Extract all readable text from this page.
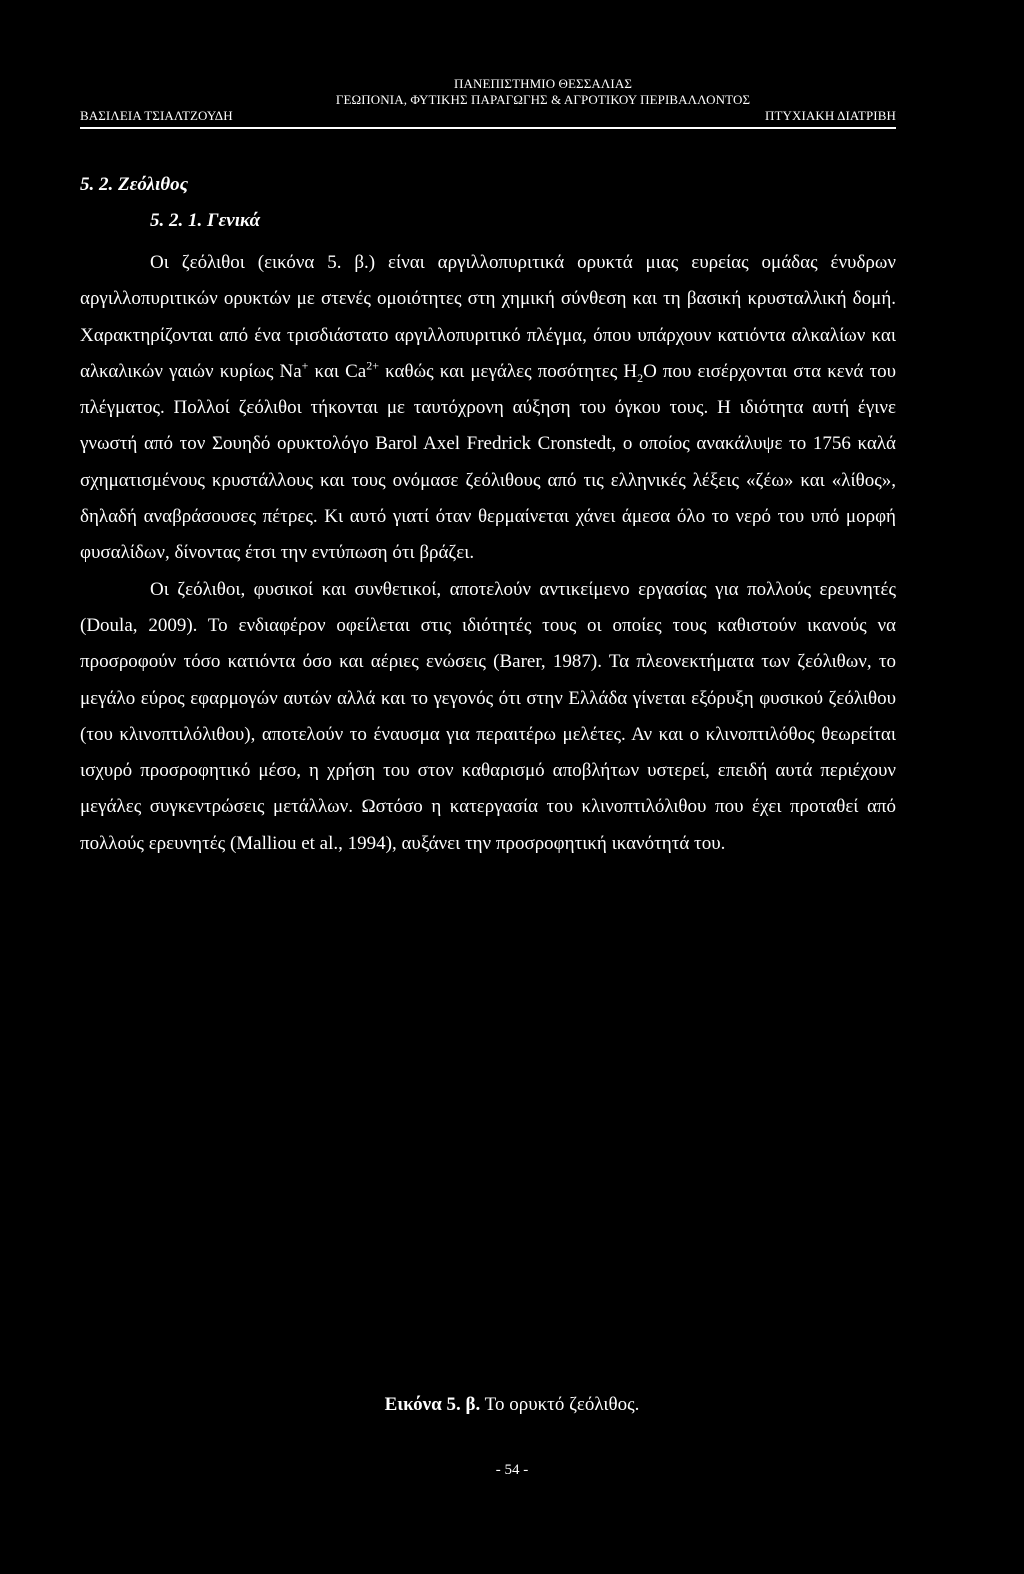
ΠΑΝΕΠΙΣΤΗΜΙΟ ΘΕΣΣΑΛΙΑΣ
ΓΕΩΠΟΝΙΑ, ΦΥΤΙΚΗΣ ΠΑΡΑΓΩΓΗΣ & ΑΓΡΟΤΙΚΟΥ ΠΕΡΙΒΑΛΛΟΝΤΟΣ
ΒΑΣΙΛΕΙΑ ΤΣΙΑΛΤΖΟΥΔΗ	ΠΤΥΧΙΑΚΗ ΔΙΑΤΡΙΒΗ
5. 2. Ζεόλιθος
5. 2. 1. Γενικά

Οι ζεόλιθοι (εικόνα 5. β.) είναι αργιλλοπυριτικά ορυκτά μιας ευρείας ομάδας ένυδρων αργιλλοπυριτικών ορυκτών με στενές ομοιότητες στη χημική σύνθεση και τη βασική κρυσταλλική δομή. Χαρακτηρίζονται από ένα τρισδιάστατο αργιλλοπυριτικό πλέγμα, όπου υπάρχουν κατιόντα αλκαλίων και αλκαλικών γαιών κυρίως Na+ και $Ca^{2+}$ καθώς και μεγάλες ποσότητες $H_2O$ που εισέρχονται στα κενά του πλέγματος. Πολλοί ζεόλιθοι τήκονται με ταυτόχρονη αύξηση του όγκου τους. Η ιδιότητα αυτή έγινε γνωστή από τον Σουηδό ορυκτολόγο Barol Axel Fredrick Cronstedt, ο οποίος ανακάλυψε το 1756 καλά σχηματισμένους κρυστάλλους και τους ονόμασε ζεόλιθους από τις ελληνικές λέξεις «ζέω» και «λίθος», δηλαδή αναβράσουσες πέτρες. Κι αυτό γιατί όταν θερμαίνεται χάνει άμεσα όλο το νερό του υπό μορφή φυσαλίδων, δίνοντας έτσι την εντύπωση ότι βράζει.

Οι ζεόλιθοι, φυσικοί και συνθετικοί, αποτελούν αντικείμενο εργασίας για πολλούς ερευνητές (Doula, 2009). Το ενδιαφέρον οφείλεται στις ιδιότητές τους οι οποίες τους καθιστούν ικανούς να προσροφούν τόσο κατιόντα όσο και αέριες ενώσεις (Barer, 1987). Τα πλεονεκτήματα των ζεόλιθων, το μεγάλο εύρος εφαρμογών αυτών αλλά και το γεγονός ότι στην Ελλάδα γίνεται εξόρυξη φυσικού ζεόλιθου (του κλινοπτιλόλιθου), αποτελούν το έναυσμα για περαιτέρω μελέτες. Αν και ο κλινοπτιλόθος θεωρείται ισχυρό προσροφητικό μέσο, η χρήση του στον καθαρισμό αποβλήτων υστερεί, επειδή αυτά περιέχουν μεγάλες συγκεντρώσεις μετάλλων. Ωστόσο η κατεργασία του κλινοπτιλόλιθου που έχει προταθεί από πολλούς ερευνητές (Malliou et al., 1994), αυξάνει την προσροφητική ικανότητά του.

Εικόνα 5. β. Το ορυκτό ζεόλιθος.
- 54 -
